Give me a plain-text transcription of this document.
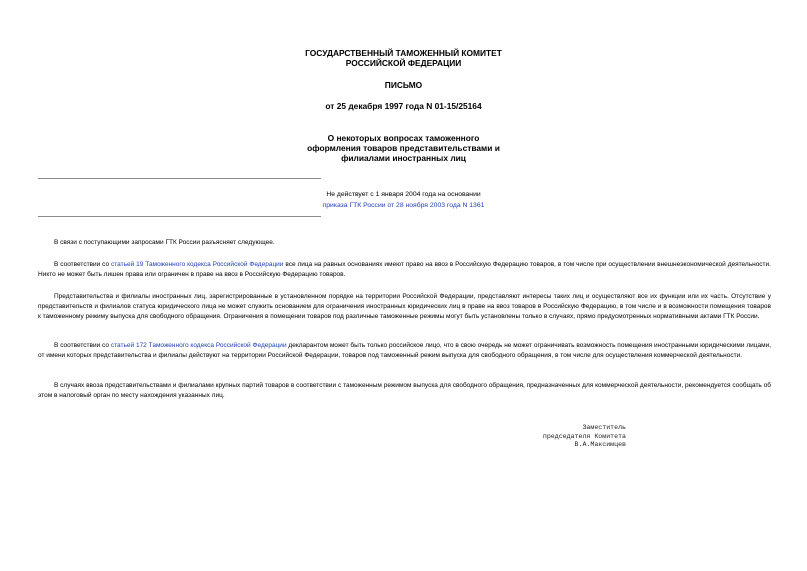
ГОСУДАРСТВЕННЫЙ ТАМОЖЕННЫЙ КОМИТЕТ
РОССИЙСКОЙ ФЕДЕРАЦИИ
ПИСЬМО
от 25 декабря 1997 года N 01-15/25164
О некоторых вопросах таможенного
оформления товаров представительствами и
филиалами иностранных лиц
Не действует с 1 января 2004 года на основании
приказа ГТК России от 28 ноября 2003 года N 1361

В связи с поступающими запросами ГТК России разъясняет следующее.

В соответствии со статьей 19 Таможенного кодекса Российской Федерации все лица на равных основаниях имеют право на ввоз в Российскую Федерацию товаров, в том числе при осуществлении внешнеэкономической деятельности. Никто не может быть лишен права или ограничен в праве на ввоз в Российскую Федерацию товаров.

Представительства и филиалы иностранных лиц, зарегистрированные в установленном порядке на территории Российской Федерации, представляют интересы таких лиц и осуществляют все их функции или их часть. Отсутствие у представительств и филиалов статуса юридического лица не может служить основанием для ограничения иностранных юридических лиц в праве на ввоз товаров в Российскую Федерацию, в том числе и в возможности помещения товаров к таможенному режиму выпуска для свободного обращения. Ограничения в помещении товаров под различные таможенные режимы могут быть установлены только в случаях, прямо предусмотренных нормативными актами ГТК России.

В соответствии со статьей 172 Таможенного кодекса Российской Федерации декларантом может быть только российское лицо, что в свою очередь не может ограничивать возможность помещения иностранными юридическими лицами, от имени которых представительства и филиалы действуют на территории Российской Федерации, товаров под таможенный режим выпуска для свободного обращения, в том числе для осуществления коммерческой деятельности.

В случаях ввоза представительствами и филиалами крупных партий товаров в соответствии с таможенным режимом выпуска для свободного обращения, предназначенных для коммерческой деятельности, рекомендуется сообщать об этом в налоговый орган по месту нахождения указанных лиц.

Заместитель
председателя Комитета
В.А.Максимцев
